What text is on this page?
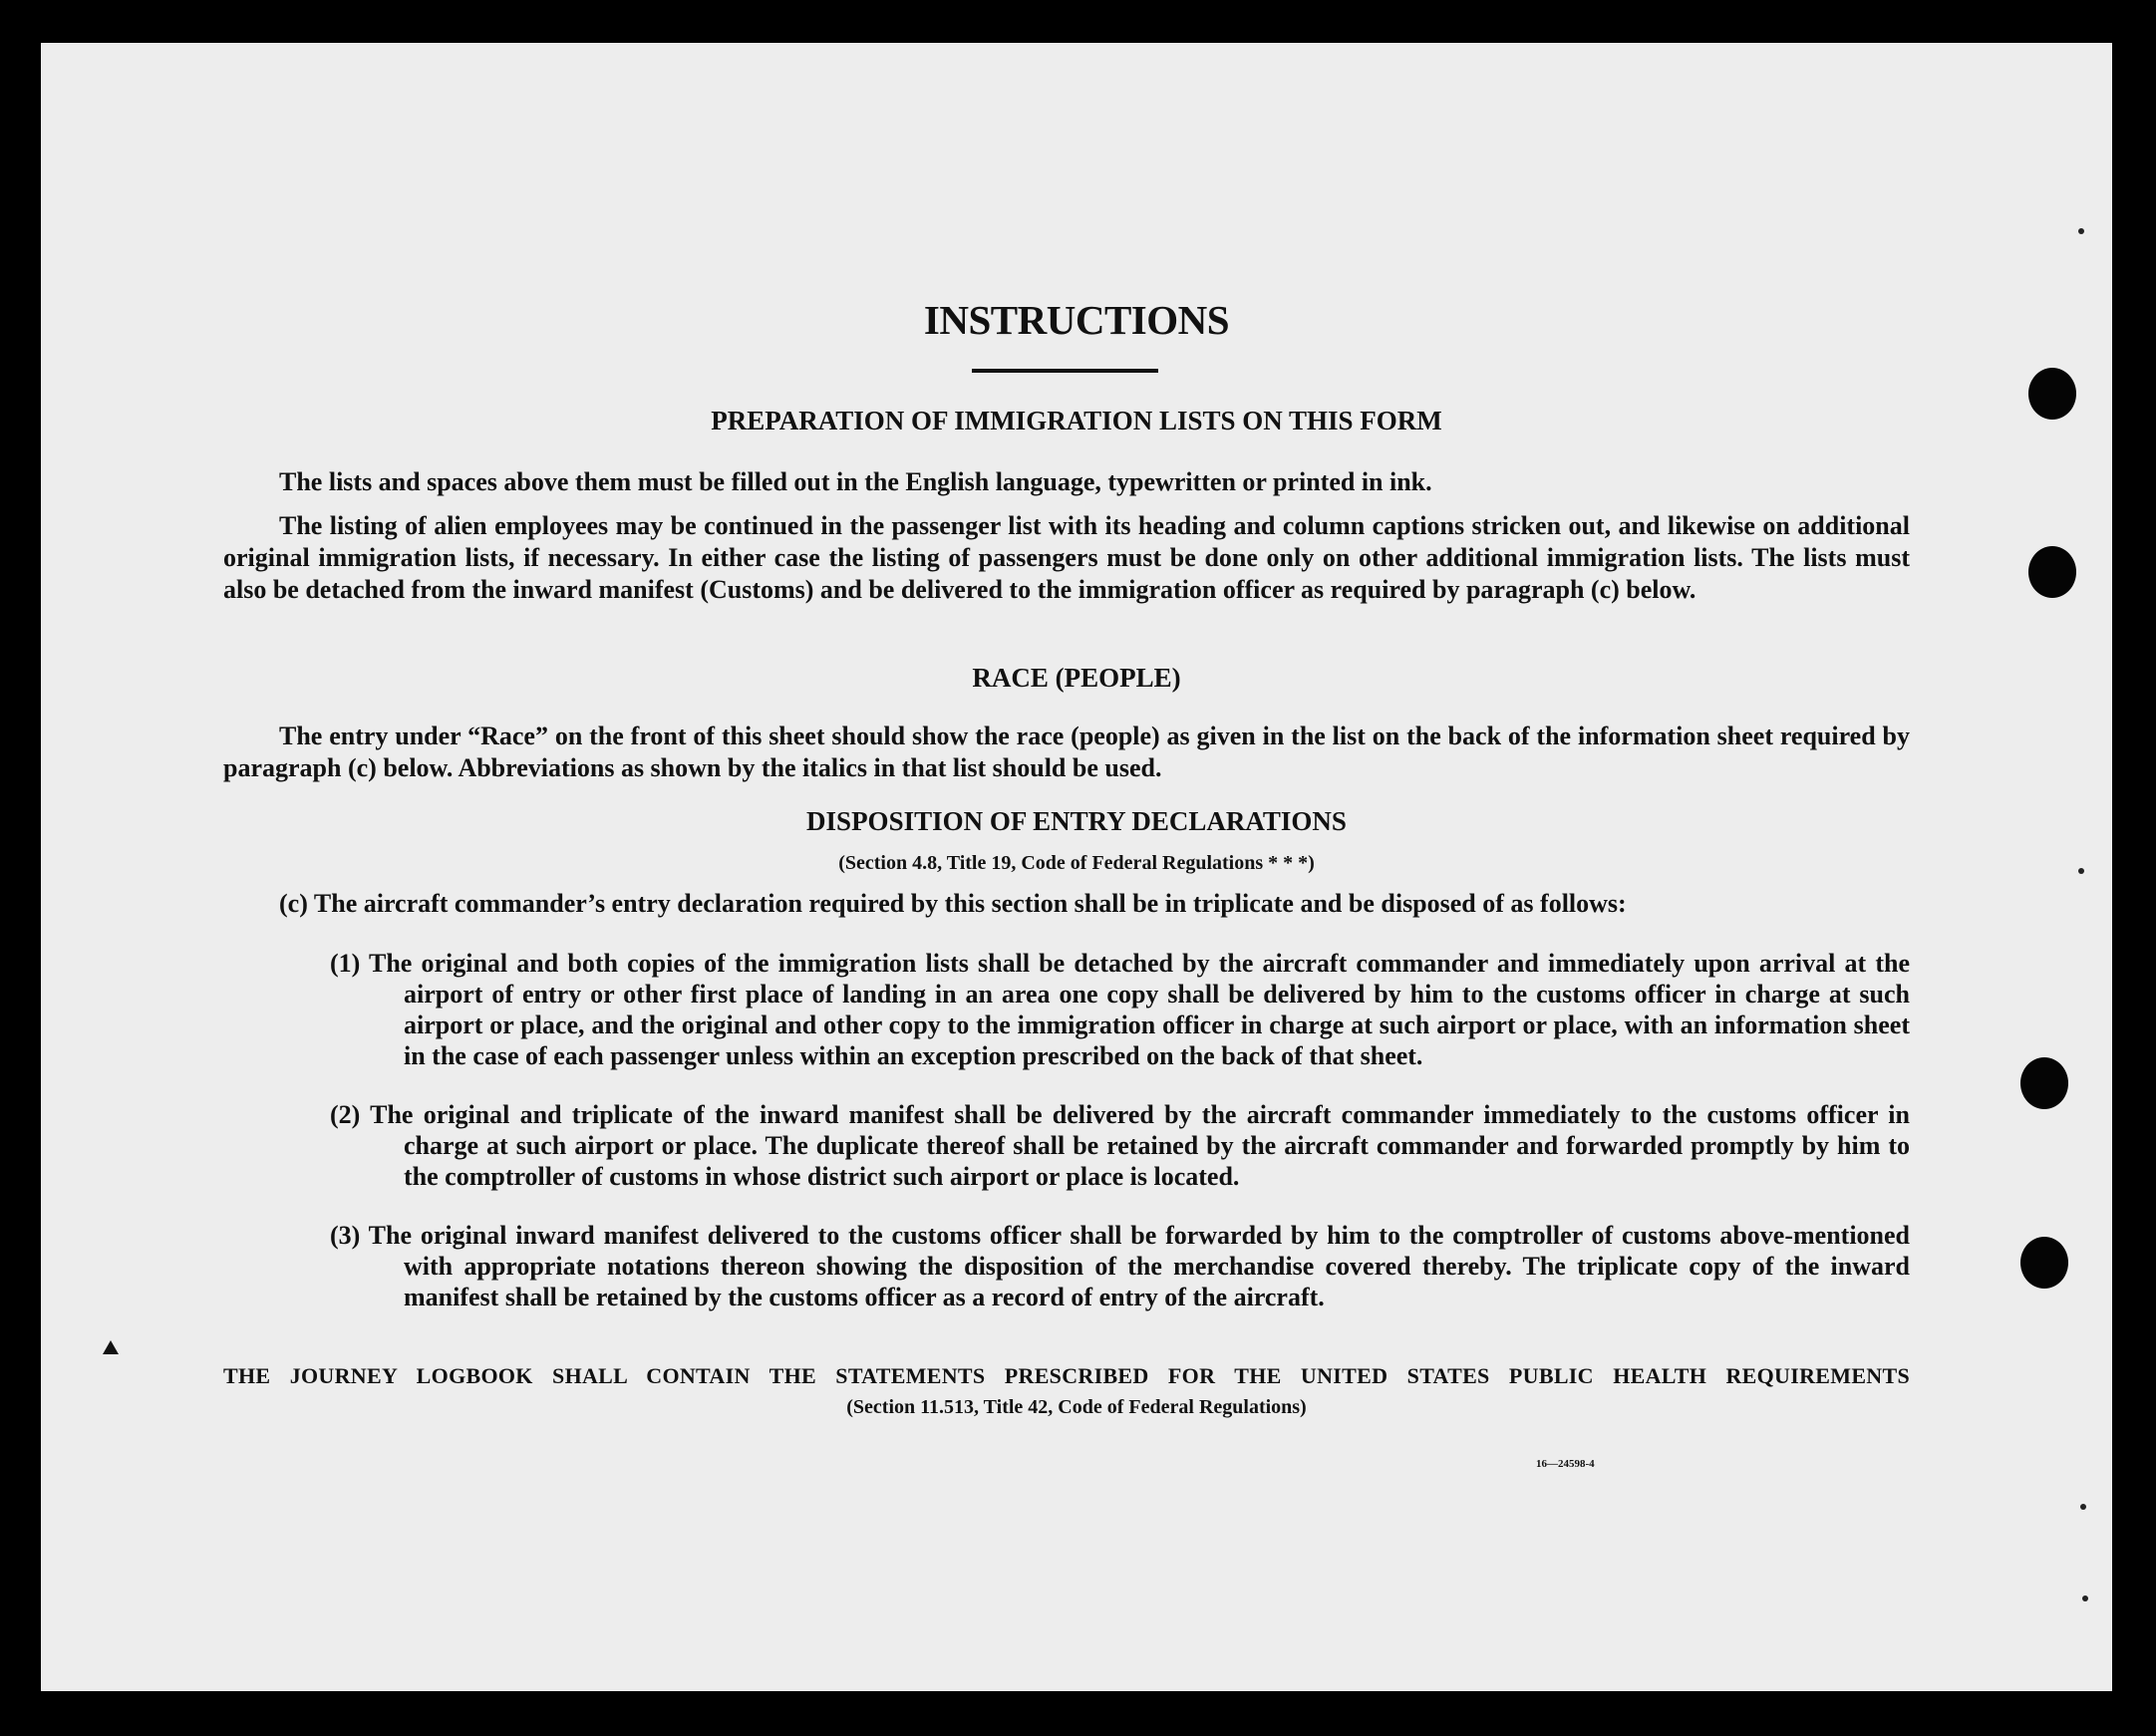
INSTRUCTIONS
PREPARATION OF IMMIGRATION LISTS ON THIS FORM

The lists and spaces above them must be filled out in the English language, typewritten or printed in ink.

The listing of alien employees may be continued in the passenger list with its heading and column captions stricken out, and likewise on additional original immigration lists, if necessary. In either case the listing of passengers must be done only on other additional immigration lists. The lists must also be detached from the inward manifest (Customs) and be delivered to the immigration officer as required by paragraph (c) below.

RACE (PEOPLE)

The entry under “Race” on the front of this sheet should show the race (people) as given in the list on the back of the information sheet required by paragraph (c) below. Abbreviations as shown by the italics in that list should be used.

DISPOSITION OF ENTRY DECLARATIONS

(Section 4.8, Title 19, Code of Federal Regulations * * *)

(c) The aircraft commander’s entry declaration required by this section shall be in triplicate and be disposed of as follows:

(1) The original and both copies of the immigration lists shall be detached by the aircraft commander and immediately upon arrival at the airport of entry or other first place of landing in an area one copy shall be delivered by him to the customs officer in charge at such airport or place, and the original and other copy to the immigration officer in charge at such airport or place, with an information sheet in the case of each passenger unless within an exception prescribed on the back of that sheet.

(2) The original and triplicate of the inward manifest shall be delivered by the aircraft commander immediately to the customs officer in charge at such airport or place. The duplicate thereof shall be retained by the aircraft commander and forwarded promptly by him to the comptroller of customs in whose district such airport or place is located.

(3) The original inward manifest delivered to the customs officer shall be forwarded by him to the comptroller of customs above-mentioned with appropriate notations thereon showing the disposition of the merchandise covered thereby. The triplicate copy of the inward manifest shall be retained by the customs officer as a record of entry of the aircraft.

THE JOURNEY LOGBOOK SHALL CONTAIN THE STATEMENTS PRESCRIBED FOR THE UNITED STATES PUBLIC HEALTH REQUIREMENTS

(Section 11.513, Title 42, Code of Federal Regulations)

16—24598-4
